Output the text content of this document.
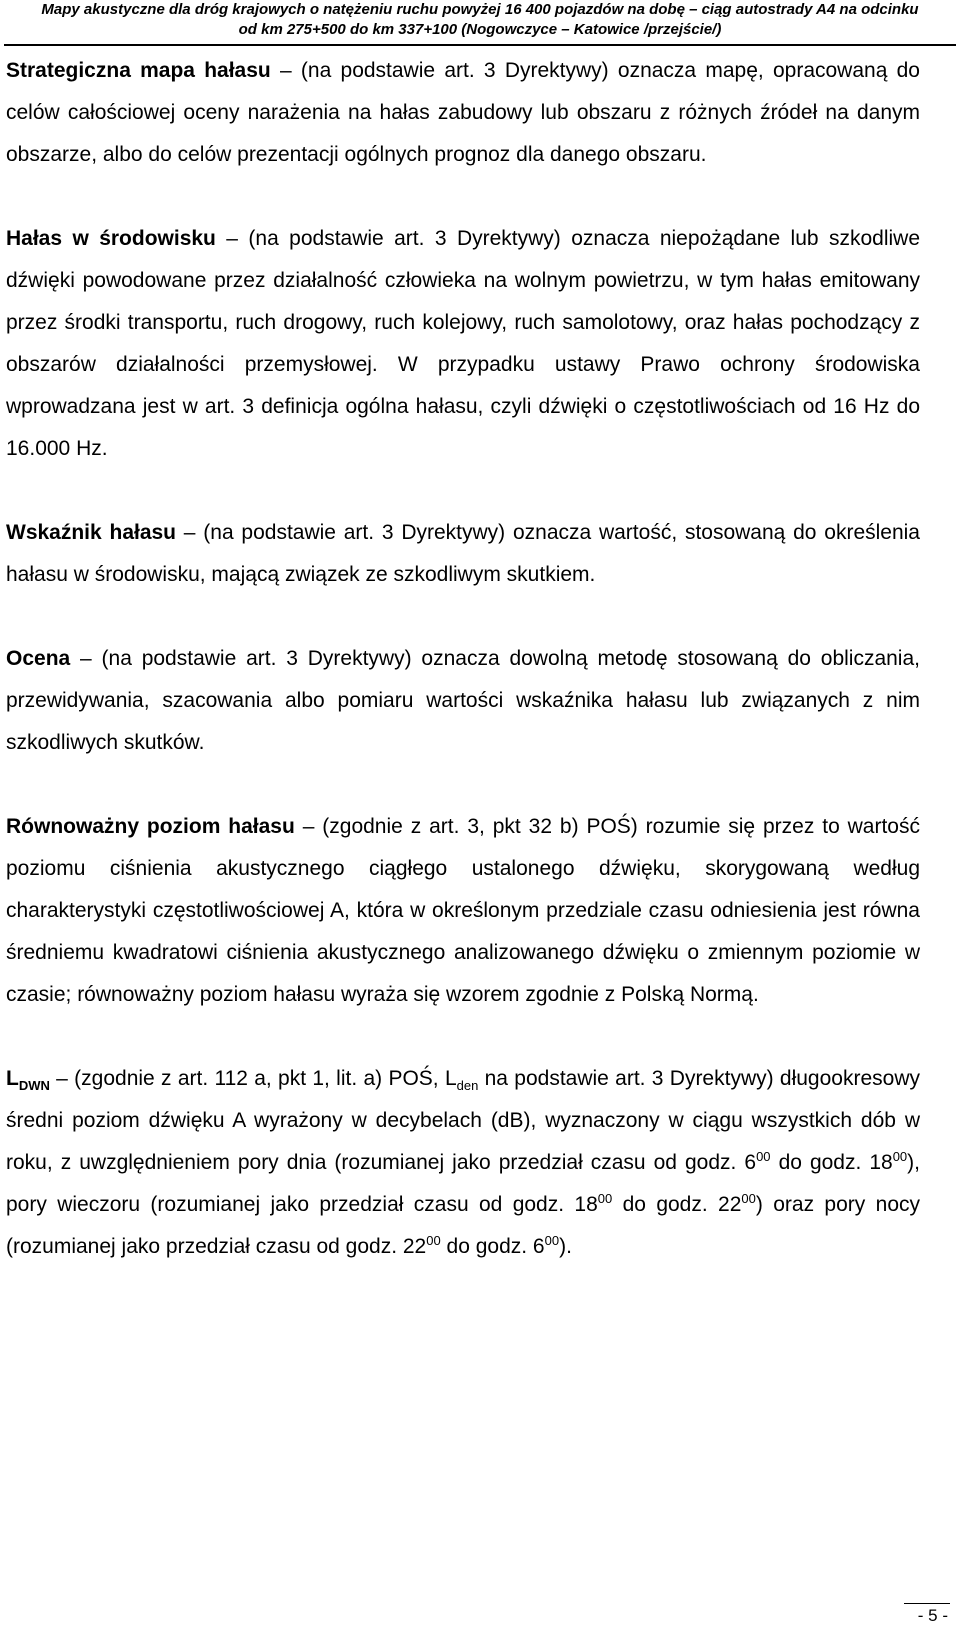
Mapy akustyczne dla dróg krajowych o natężeniu ruchu powyżej 16 400 pojazdów na dobę – ciąg autostrady A4 na odcinku
od km 275+500 do km 337+100 (Nogowczyce – Katowice /przejście/)

Strategiczna mapa hałasu – (na podstawie art. 3 Dyrektywy) oznacza mapę, opracowaną do celów całościowej oceny narażenia na hałas zabudowy lub obszaru z różnych źródeł na danym obszarze, albo do celów prezentacji ogólnych prognoz dla danego obszaru.

Hałas w środowisku – (na podstawie art. 3 Dyrektywy) oznacza niepożądane lub szkodliwe dźwięki powodowane przez działalność człowieka na wolnym powietrzu, w tym hałas emitowany przez środki transportu, ruch drogowy, ruch kolejowy, ruch samolotowy, oraz hałas pochodzący z obszarów działalności przemysłowej. W przypadku ustawy Prawo ochrony środowiska wprowadzana jest w art. 3 definicja ogólna hałasu, czyli dźwięki o częstotliwościach od 16 Hz do 16.000 Hz.

Wskaźnik hałasu – (na podstawie art. 3 Dyrektywy) oznacza wartość, stosowaną do określenia hałasu w środowisku, mającą związek ze szkodliwym skutkiem.

Ocena – (na podstawie art. 3 Dyrektywy) oznacza dowolną metodę stosowaną do obliczania, przewidywania, szacowania albo pomiaru wartości wskaźnika hałasu lub związanych z nim szkodliwych skutków.

Równoważny poziom hałasu – (zgodnie z art. 3, pkt 32 b) POŚ) rozumie się przez to wartość poziomu ciśnienia akustycznego ciągłego ustalonego dźwięku, skorygowaną według charakterystyki częstotliwościowej A, która w określonym przedziale czasu odniesienia jest równa średniemu kwadratowi ciśnienia akustycznego analizowanego dźwięku o zmiennym poziomie w czasie; równoważny poziom hałasu wyraża się wzorem zgodnie z Polską Normą.

$L_{DWN}$ – (zgodnie z art. 112 a, pkt 1, lit. a) POŚ, $L_{den}$ na podstawie art. 3 Dyrektywy) długookresowy średni poziom dźwięku A wyrażony w decybelach (dB), wyznaczony w ciągu wszystkich dób w roku, z uwzględnieniem pory dnia (rozumianej jako przedział czasu od godz. $6^{00}$ do godz. $18^{00}$), pory wieczoru (rozumianej jako przedział czasu od godz. $18^{00}$ do godz. $22^{00}$) oraz pory nocy (rozumianej jako przedział czasu od godz. $22^{00}$ do godz. $6^{00}$).

- 5 -
